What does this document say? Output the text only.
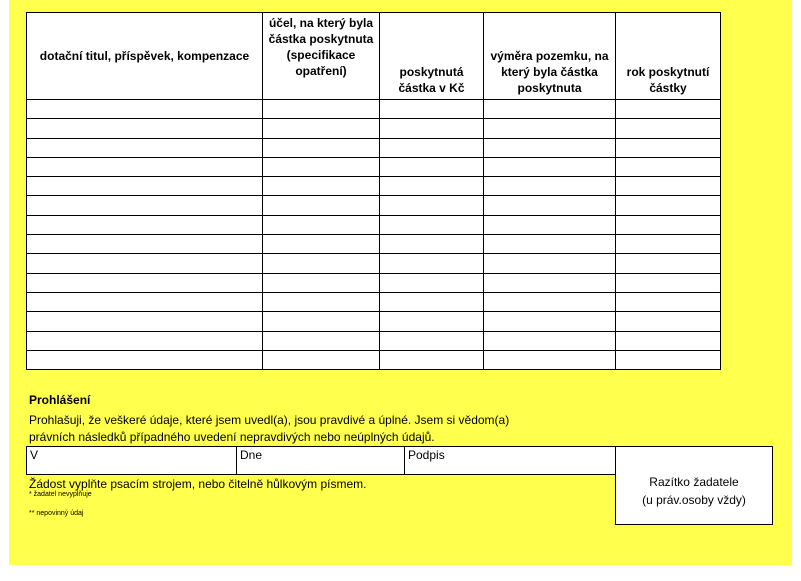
dotační titul, příspěvek, kompenzace	účel, na který byla částka poskytnuta (specifikace opatření)	poskytnutá částka v Kč	výměra pozemku, na který byla částka poskytnuta	rok poskytnutí částky

Prohlášení
Prohlašuji, že veškeré údaje, které jsem uvedl(a), jsou pravdivé a úplné. Jsem si vědom(a) právních následků případného uvedení nepravdivých nebo neúplných údajů.
V	Dne	Podpis
Žádost vyplňte psacím strojem, nebo čitelně hůlkovým písmem.
* žadatel nevyplňuje
** nepovinný údaj
Razítko žadatele
(u práv.osoby vždy)
